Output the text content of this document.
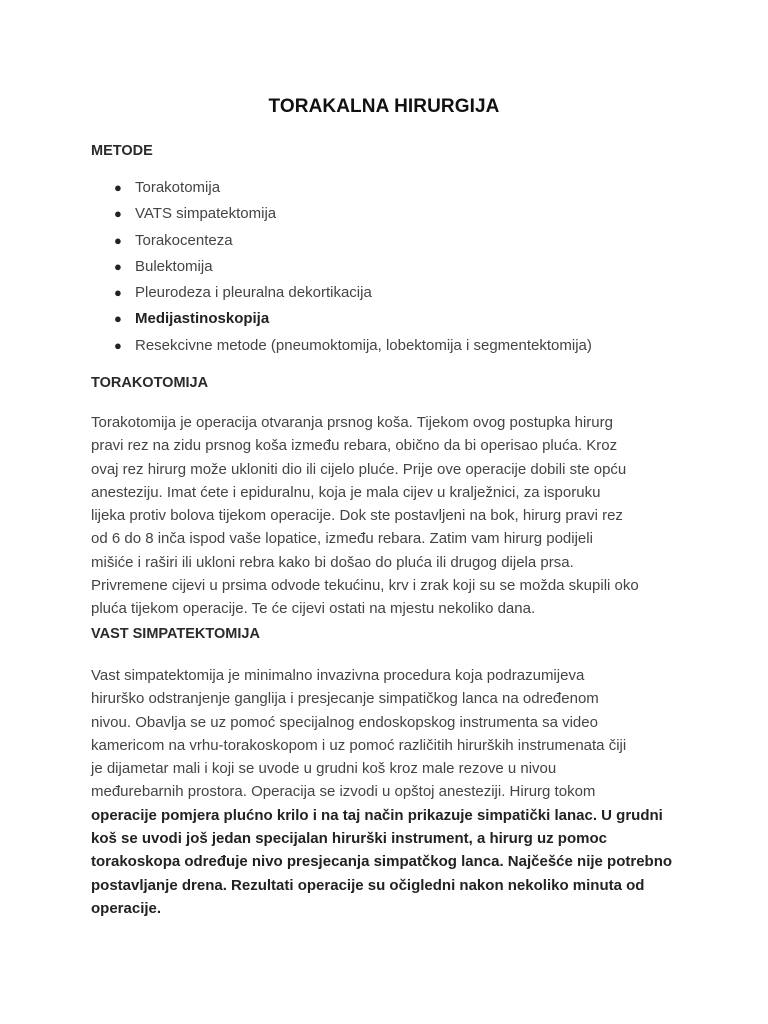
TORAKALNA HIRURGIJA
METODE
● Torakotomija
● VATS simpatektomija
● Torakocenteza
● Bulektomija
● Pleurodeza i pleuralna dekortikacija
● Medijastinoskopija
● Resekcivne metode (pneumoktomija, lobektomija i segmentektomija)
TORAKOTOMIJA
Torakotomija je operacija otvaranja prsnog koša. Tijekom ovog postupka hirurg
pravi rez na zidu prsnog koša između rebara, obično da bi operisao pluća. Kroz
ovaj rez hirurg može ukloniti dio ili cijelo pluće. Prije ove operacije dobili ste opću
anesteziju. Imat ćete i epiduralnu, koja je mala cijev u kralježnici, za isporuku
lijeka protiv bolova tijekom operacije. Dok ste postavljeni na bok, hirurg pravi rez
od 6 do 8 inča ispod vaše lopatice, između rebara. Zatim vam hirurg podijeli
mišiće i raširi ili ukloni rebra kako bi došao do pluća ili drugog dijela prsa.
Privremene cijevi u prsima odvode tekućinu, krv i zrak koji su se možda skupili oko
pluća tijekom operacije. Te će cijevi ostati na mjestu nekoliko dana.
VAST SIMPATEKTOMIJA
Vast simpatektomija je minimalno invazivna procedura koja podrazumijeva
hirurško odstranjenje ganglija i presjecanje simpatičkog lanca na određenom
nivou. Obavlja se uz pomoć specijalnog endoskopskog instrumenta sa video
kamericom na vrhu-torakoskopom i uz pomoć različitih hirurških instrumenata čiji
je dijametar mali i koji se uvode u grudni koš kroz male rezove u nivou
međurebarnih prostora. Operacija se izvodi u opštoj anesteziji. Hirurg tokom
operacije pomjera plućno krilo i na taj način prikazuje simpatički lanac. U grudni
koš se uvodi još jedan specijalan hirurški instrument, a hirurg uz pomoc
torakoskopa određuje nivo presjecanja simpatčkog lanca. Najčešće nije potrebno
postavljanje drena. Rezultati operacije su očigledni nakon nekoliko minuta od
operacije.
